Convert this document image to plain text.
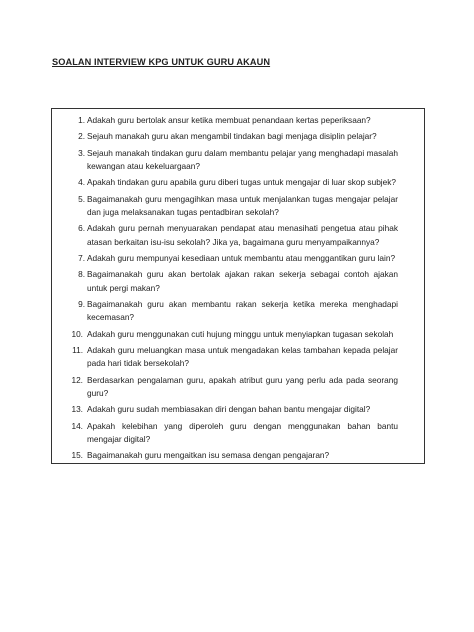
SOALAN INTERVIEW KPG UNTUK GURU AKAUN
1. Adakah guru bertolak ansur ketika membuat penandaan kertas peperiksaan?
2. Sejauh manakah guru akan mengambil tindakan bagi menjaga disiplin pelajar?
3. Sejauh manakah tindakan guru dalam membantu pelajar yang menghadapi masalah kewangan atau kekeluargaan?
4. Apakah tindakan guru apabila guru diberi tugas untuk mengajar di luar skop subjek?
5. Bagaimanakah guru mengagihkan masa untuk menjalankan tugas mengajar pelajar dan juga melaksanakan tugas pentadbiran sekolah?
6. Adakah guru pernah menyuarakan pendapat atau menasihati pengetua atau pihak atasan berkaitan isu-isu sekolah? Jika ya, bagaimana guru menyampaikannya?
7. Adakah guru mempunyai kesediaan untuk membantu atau menggantikan guru lain?
8. Bagaimanakah guru akan bertolak ajakan rakan sekerja sebagai contoh ajakan untuk pergi makan?
9. Bagaimanakah guru akan membantu rakan sekerja ketika mereka menghadapi kecemasan?
10. Adakah guru menggunakan cuti hujung minggu untuk menyiapkan tugasan sekolah
11. Adakah guru meluangkan masa untuk mengadakan kelas tambahan kepada pelajar pada hari tidak bersekolah?
12. Berdasarkan pengalaman guru, apakah atribut guru yang perlu ada pada seorang guru?
13. Adakah guru sudah membiasakan diri dengan bahan bantu mengajar digital?
14. Apakah kelebihan yang diperoleh guru dengan menggunakan bahan bantu mengajar digital?
15. Bagaimanakah guru mengaitkan isu semasa dengan pengajaran?
